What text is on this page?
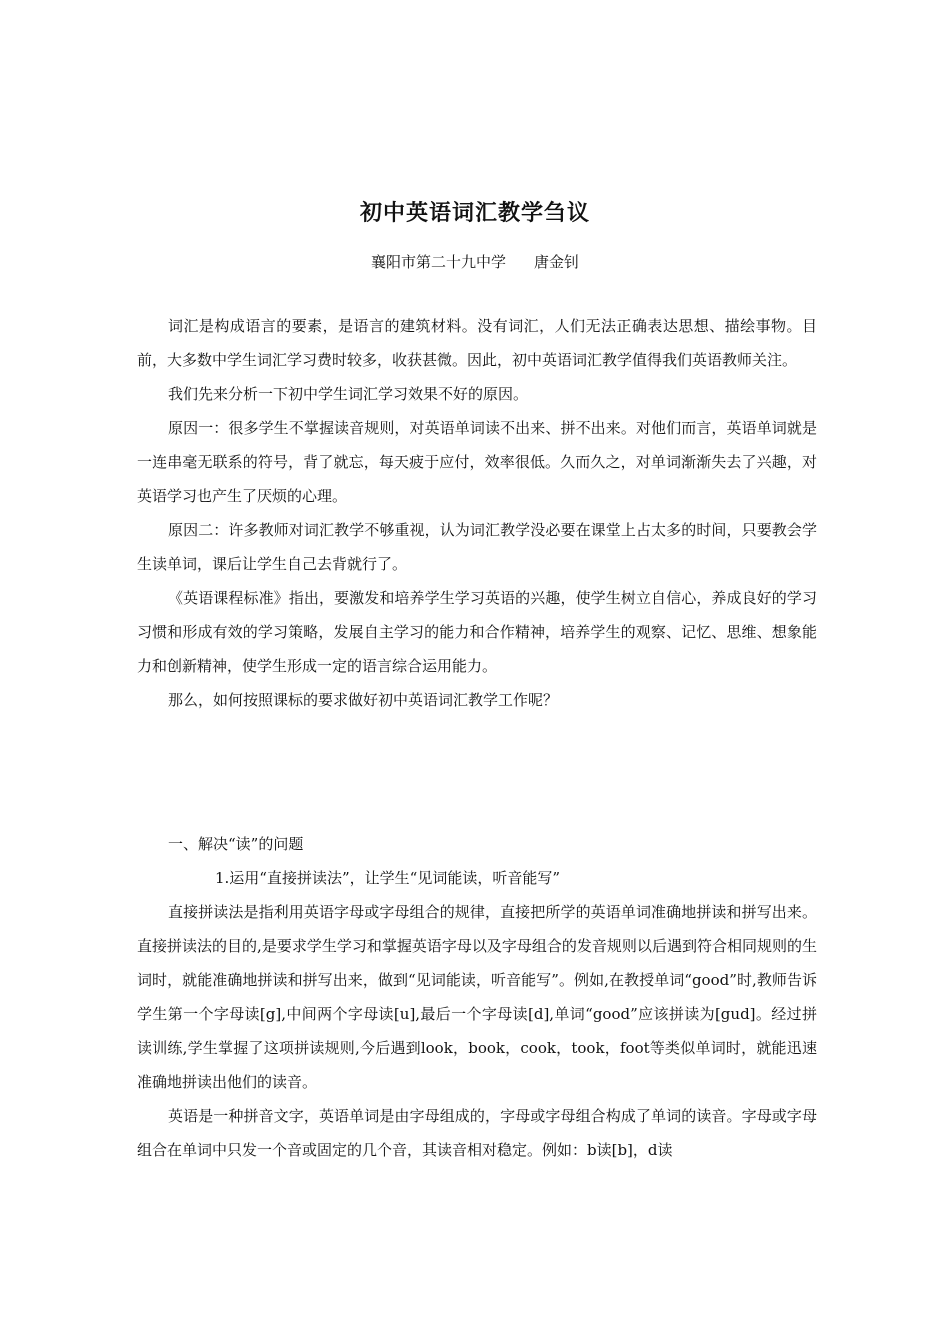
初中英语词汇教学刍议
襄阳市第二十九中学 唐金钊

词汇是构成语言的要素，是语言的建筑材料。没有词汇，人们无法正确表达思想、描绘事物。目前，大多数中学生词汇学习费时较多，收获甚微。因此，初中英语词汇教学值得我们英语教师关注。

我们先来分析一下初中学生词汇学习效果不好的原因。

原因一：很多学生不掌握读音规则，对英语单词读不出来、拼不出来。对他们而言，英语单词就是一连串毫无联系的符号，背了就忘，每天疲于应付，效率很低。久而久之，对单词渐渐失去了兴趣，对英语学习也产生了厌烦的心理。

原因二：许多教师对词汇教学不够重视，认为词汇教学没必要在课堂上占太多的时间，只要教会学生读单词，课后让学生自己去背就行了。

《英语课程标准》指出，要激发和培养学生学习英语的兴趣，使学生树立自信心，养成良好的学习习惯和形成有效的学习策略，发展自主学习的能力和合作精神，培养学生的观察、记忆、思维、想象能力和创新精神，使学生形成一定的语言综合运用能力。

那么，如何按照课标的要求做好初中英语词汇教学工作呢？

一、解决“读”的问题

1.运用“直接拼读法”，让学生“见词能读，听音能写”

直接拼读法是指利用英语字母或字母组合的规律，直接把所学的英语单词准确地拼读和拼写出来。直接拼读法的目的,是要求学生学习和掌握英语字母以及字母组合的发音规则以后遇到符合相同规则的生词时，就能准确地拼读和拼写出来，做到“见词能读，听音能写”。例如,在教授单词“good”时,教师告诉学生第一个字母读[g],中间两个字母读[u],最后一个字母读[d],单词“good”应该拼读为[gud]。经过拼读训练,学生掌握了这项拼读规则,今后遇到look，book，cook，took，foot等类似单词时，就能迅速准确地拼读出他们的读音。

英语是一种拼音文字，英语单词是由字母组成的，字母或字母组合构成了单词的读音。字母或字母组合在单词中只发一个音或固定的几个音，其读音相对稳定。例如：b读[b]，d读
